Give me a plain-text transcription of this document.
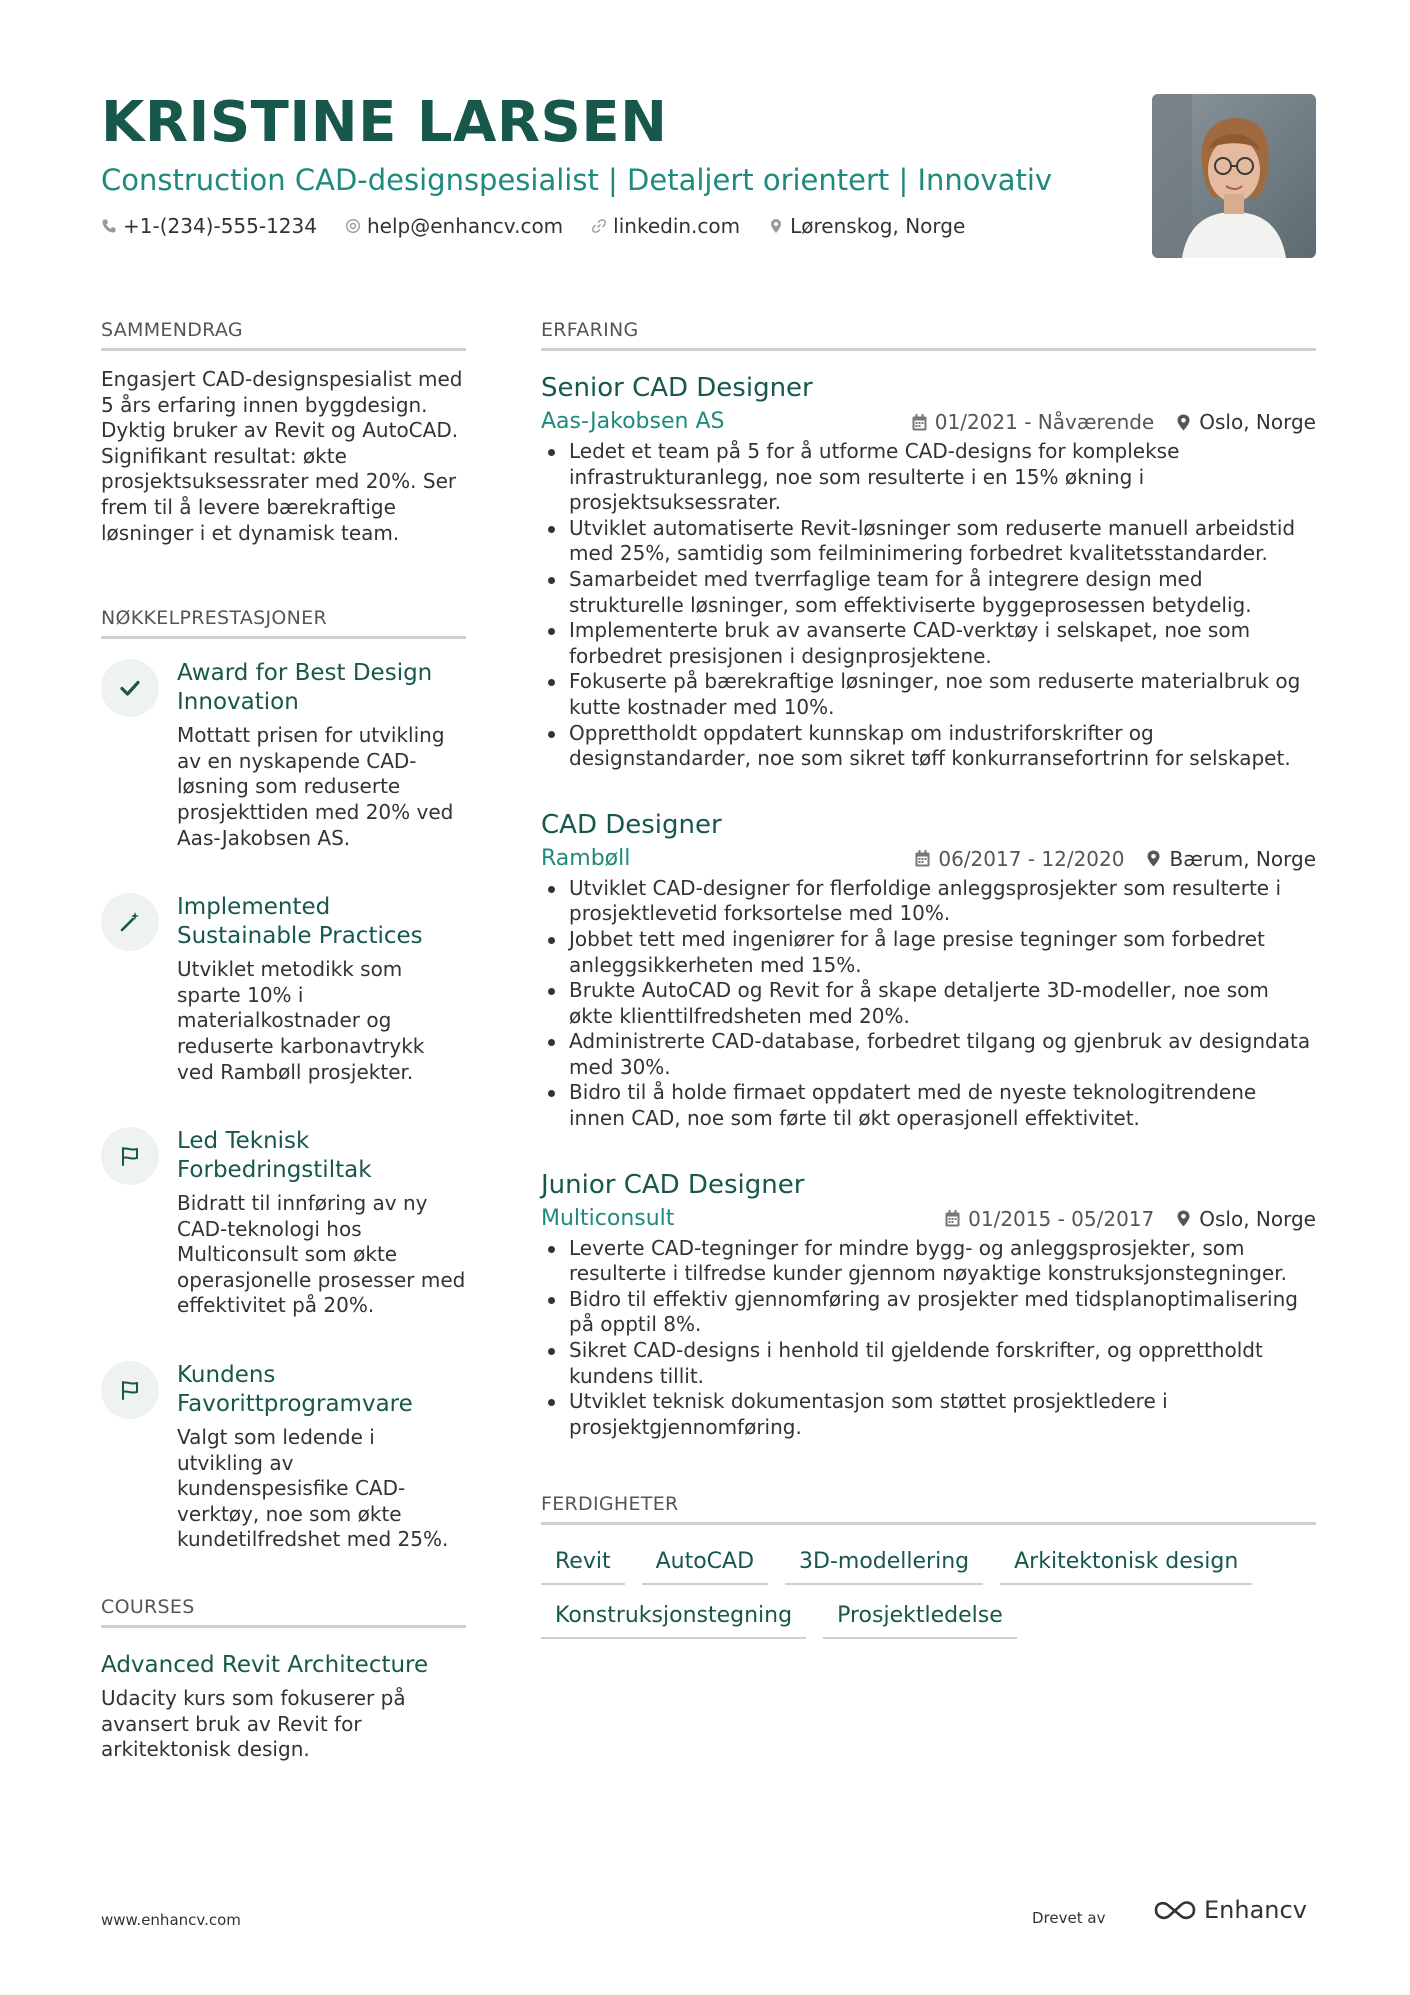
KRISTINE LARSEN
Construction CAD-designspesialist | Detaljert orientert | Innovativ
+1-(234)-555-1234	help@enhancv.com	linkedin.com	Lørenskog, Norge
SAMMENDRAG
Engasjert CAD-designspesialist med 5 års erfaring innen byggdesign. Dyktig bruker av Revit og AutoCAD. Signifikant resultat: økte prosjektsuksessrater med 20%. Ser frem til å levere bærekraftige løsninger i et dynamisk team.
NØKKELPRESTASJONER
Award for Best Design Innovation
Mottatt prisen for utvikling av en nyskapende CAD-løsning som reduserte prosjekttiden med 20% ved Aas-Jakobsen AS.
Implemented Sustainable Practices
Utviklet metodikk som sparte 10% i materialkostnader og reduserte karbonavtrykk ved Rambøll prosjekter.
Led Teknisk Forbedringstiltak
Bidratt til innføring av ny CAD-teknologi hos Multiconsult som økte operasjonelle prosesser med effektivitet på 20%.
Kundens Favorittprogramvare
Valgt som ledende i utvikling av kundenspesisfike CAD-verktøy, noe som økte kundetilfredshet med 25%.
COURSES
Advanced Revit Architecture
Udacity kurs som fokuserer på avansert bruk av Revit for arkitektonisk design.
ERFARING
Senior CAD Designer
Aas-Jakobsen AS	01/2021 - Nåværende Oslo, Norge
Ledet et team på 5 for å utforme CAD-designs for komplekse infrastrukturanlegg, noe som resulterte i en 15% økning i prosjektsuksessrater.
Utviklet automatiserte Revit-løsninger som reduserte manuell arbeidstid med 25%, samtidig som feilminimering forbedret kvalitetsstandarder.
Samarbeidet med tverrfaglige team for å integrere design med strukturelle løsninger, som effektiviserte byggeprosessen betydelig.
Implementerte bruk av avanserte CAD-verktøy i selskapet, noe som forbedret presisjonen i designprosjektene.
Fokuserte på bærekraftige løsninger, noe som reduserte materialbruk og kutte kostnader med 10%.
Opprettholdt oppdatert kunnskap om industriforskrifter og designstandarder, noe som sikret tøff konkurransefortrinn for selskapet.
CAD Designer
Rambøll	06/2017 - 12/2020 Bærum, Norge
Utviklet CAD-designer for flerfoldige anleggsprosjekter som resulterte i prosjektlevetid forksortelse med 10%.
Jobbet tett med ingeniører for å lage presise tegninger som forbedret anleggsikkerheten med 15%.
Brukte AutoCAD og Revit for å skape detaljerte 3D-modeller, noe som økte klienttilfredsheten med 20%.
Administrerte CAD-database, forbedret tilgang og gjenbruk av designdata med 30%.
Bidro til å holde firmaet oppdatert med de nyeste teknologitrendene innen CAD, noe som førte til økt operasjonell effektivitet.
Junior CAD Designer
Multiconsult	01/2015 - 05/2017 Oslo, Norge
Leverte CAD-tegninger for mindre bygg- og anleggsprosjekter, som resulterte i tilfredse kunder gjennom nøyaktige konstruksjonstegninger.
Bidro til effektiv gjennomføring av prosjekter med tidsplanoptimalisering på opptil 8%.
Sikret CAD-designs i henhold til gjeldende forskrifter, og opprettholdt kundens tillit.
Utviklet teknisk dokumentasjon som støttet prosjektledere i prosjektgjennomføring.
FERDIGHETER
Revit	AutoCAD	3D-modellering	Arkitektonisk design
Konstruksjonstegning	Prosjektledelse
www.enhancv.com	Drevet av	Enhancv
